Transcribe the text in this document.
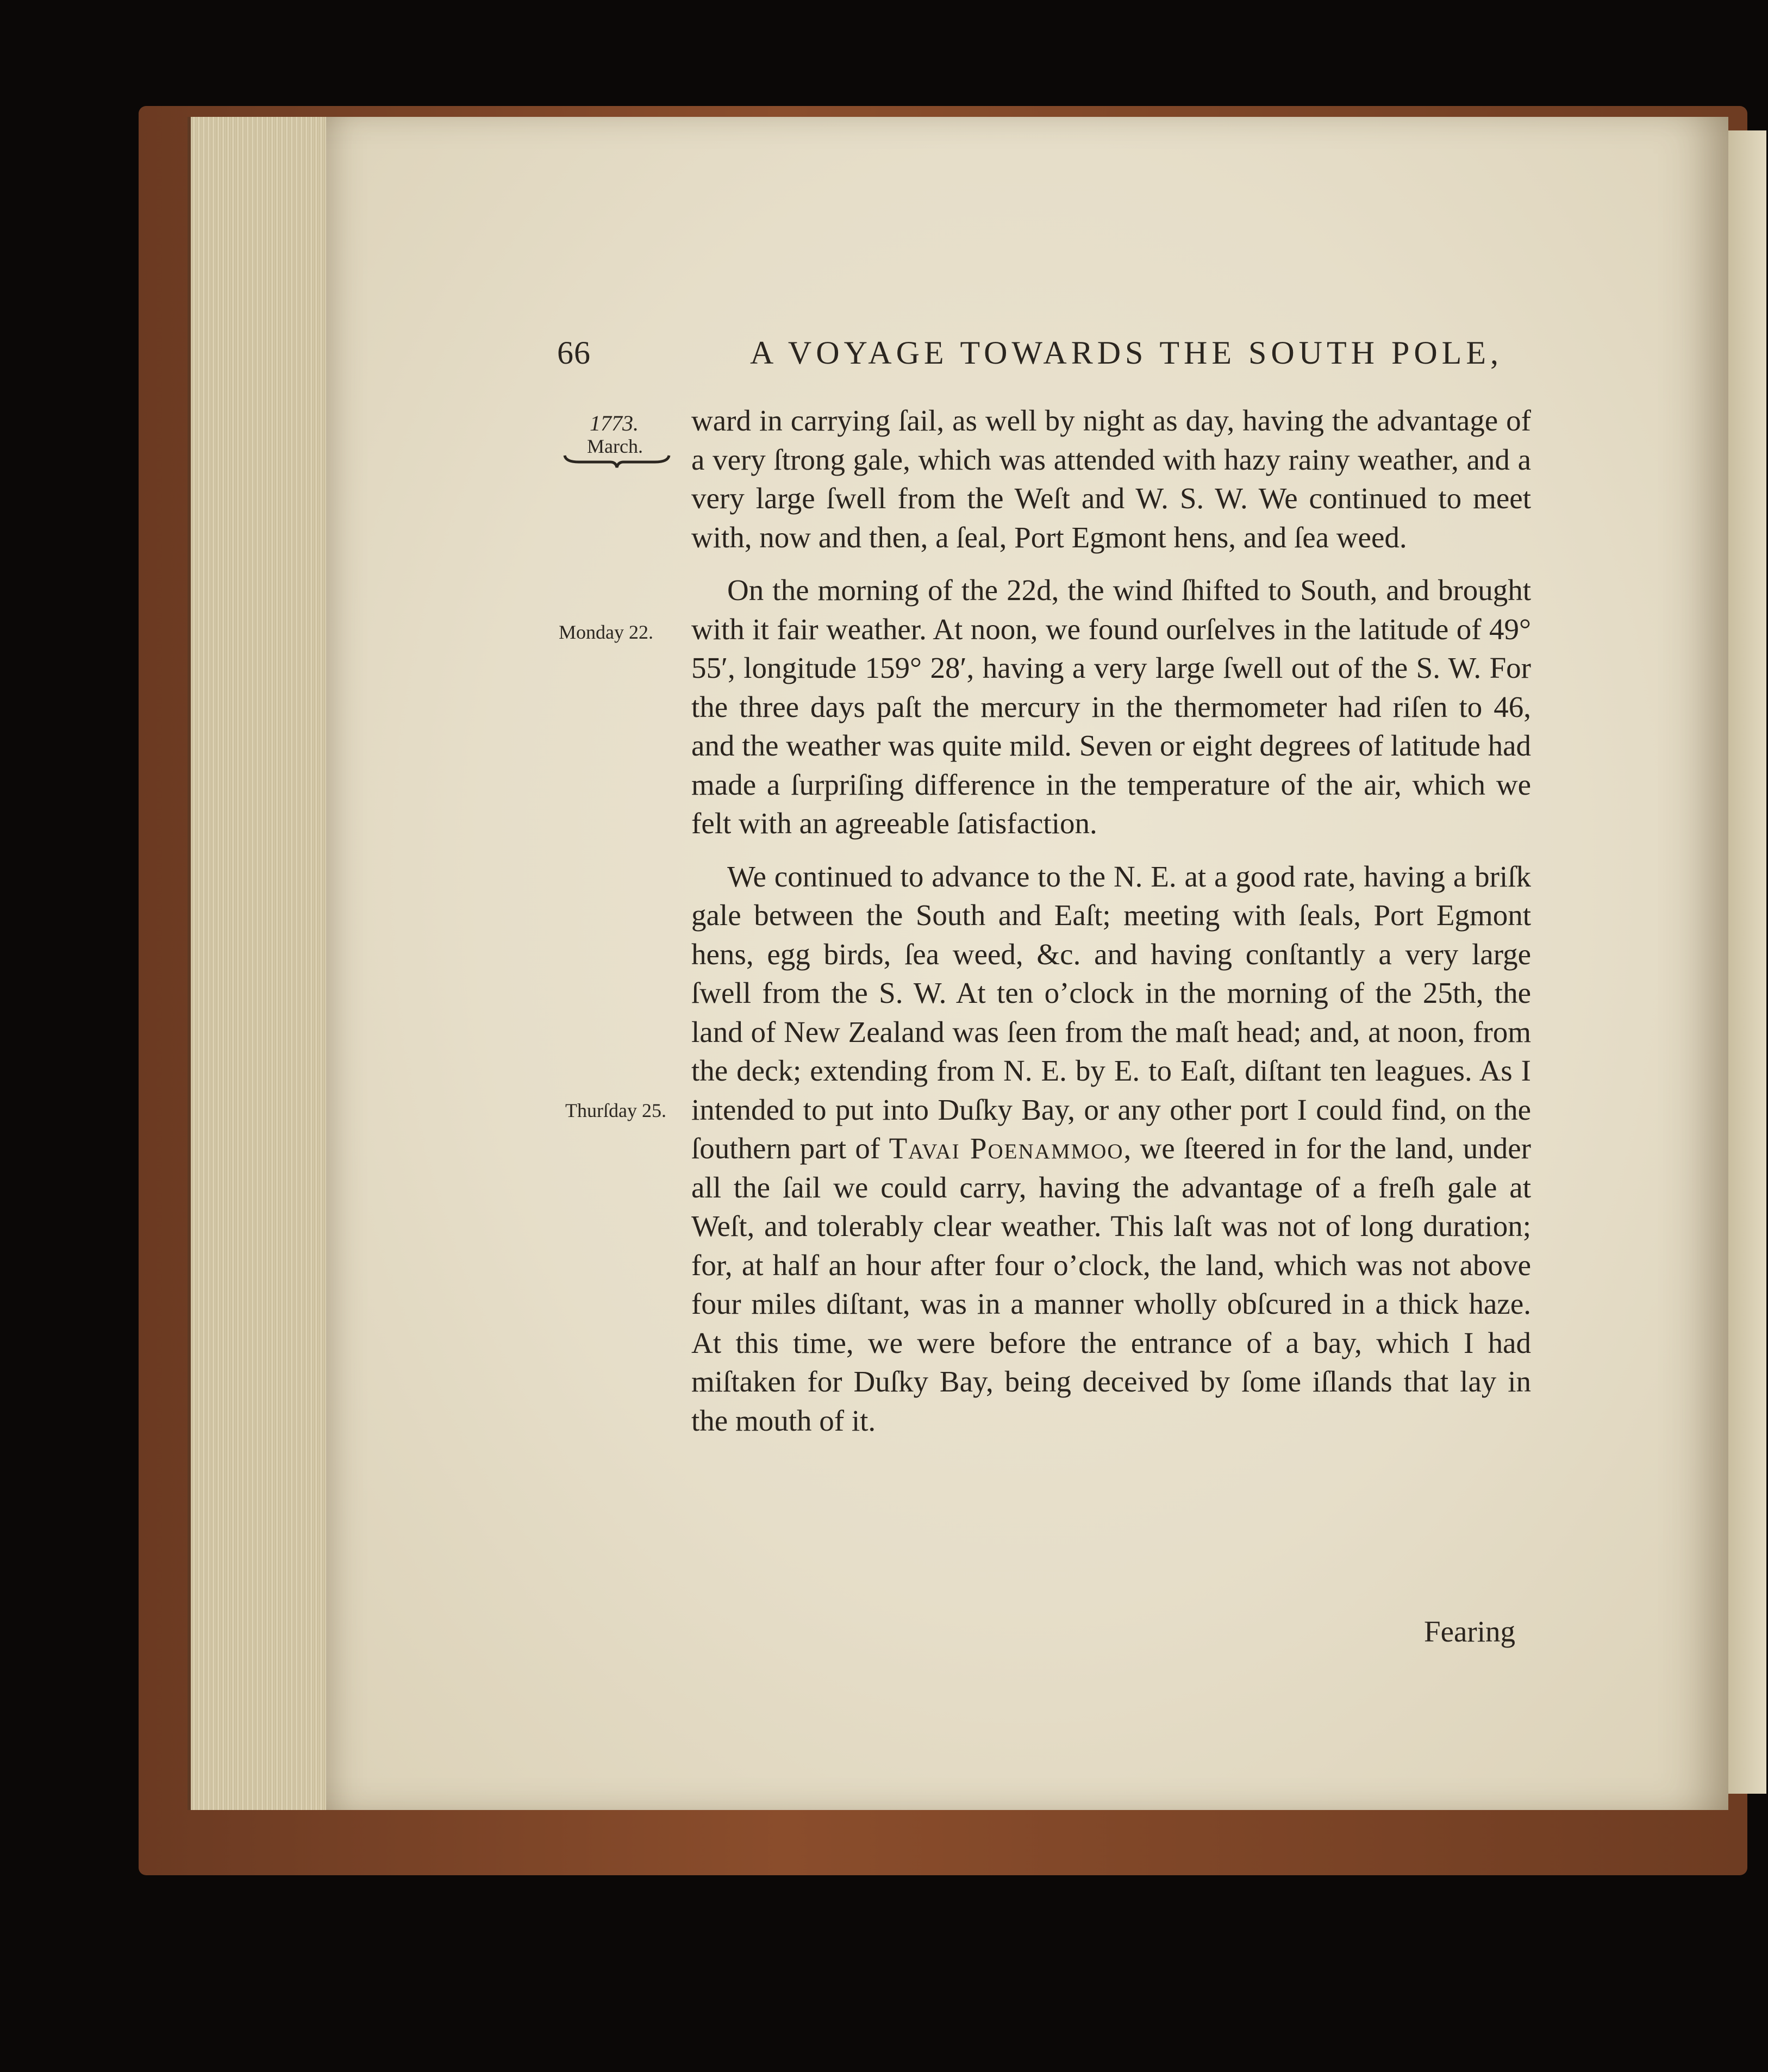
66	A VOYAGE TOWARDS THE SOUTH POLE,
1773.
March.
Monday 22.
Thurſday 25.

ward in carrying ſail, as well by night as day, having the advantage of a very ſtrong gale, which was attended with hazy rainy weather, and a very large ſwell from the Weſt and W. S. W. We continued to meet with, now and then, a ſeal, Port Egmont hens, and ſea weed.

On the morning of the 22d, the wind ſhifted to South, and brought with it fair weather. At noon, we found ourſelves in the latitude of 49° 55′, longitude 159° 28′, having a very large ſwell out of the S. W. For the three days paſt the mercury in the thermometer had riſen to 46, and the weather was quite mild. Seven or eight degrees of latitude had made a ſurpriſing difference in the temperature of the air, which we felt with an agreeable ſatisfaction.

We continued to advance to the N. E. at a good rate, having a briſk gale between the South and Eaſt; meeting with ſeals, Port Egmont hens, egg birds, ſea weed, &c. and having conſtantly a very large ſwell from the S. W. At ten o’clock in the morning of the 25th, the land of New Zealand was ſeen from the maſt head; and, at noon, from the deck; extending from N. E. by E. to Eaſt, diſtant ten leagues. As I intended to put into Duſky Bay, or any other port I could find, on the ſouthern part of Tavai Poenammoo, we ſteered in for the land, under all the ſail we could carry, having the advantage of a freſh gale at Weſt, and tolerably clear weather. This laſt was not of long duration; for, at half an hour after four o’clock, the land, which was not above four miles diſtant, was in a manner wholly obſcured in a thick haze. At this time, we were before the entrance of a bay, which I had miſtaken for Duſky Bay, being deceived by ſome iſlands that lay in the mouth of it.

Fearing
